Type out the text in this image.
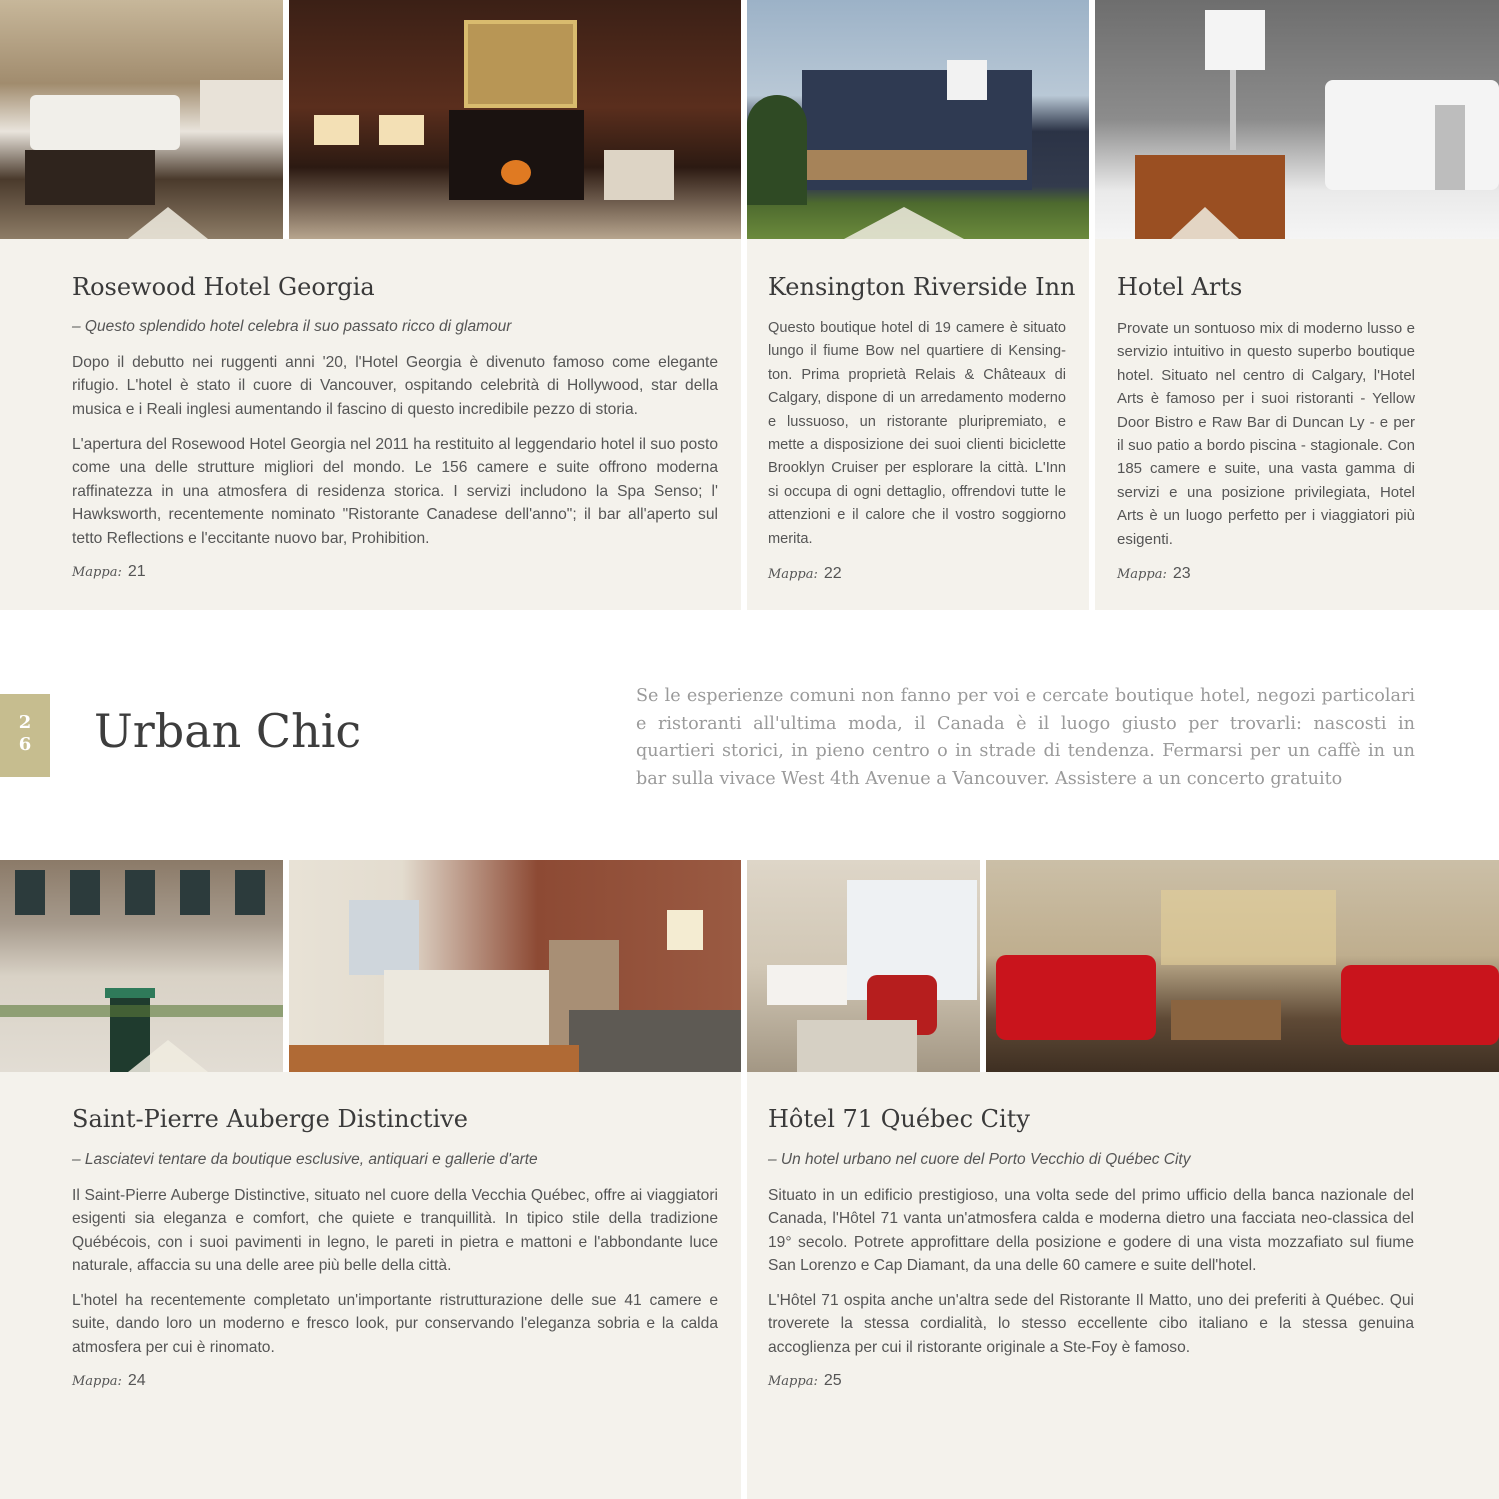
Rosewood Hotel Georgia

– Questo splendido hotel celebra il suo passato ricco di glamour

Dopo il debutto nei ruggenti anni '20, l'Hotel Georgia è divenuto famoso come elegante rifugio. L'hotel è stato il cuore di Vancouver, ospitando celebrità di Hollywood, star della musica e i Reali inglesi aumentando il fascino di questo incredibile pezzo di storia.

L'apertura del Rosewood Hotel Georgia nel 2011 ha restituito al leggendario hotel il suo posto come una delle strutture migliori del mondo. Le 156 camere e suite offrono moderna raffinatezza in una atmosfera di residenza storica. I servizi includono la Spa Senso; l' Hawksworth, recentemente nominato "Ristorante Canadese dell'anno"; il bar all'aperto sul tetto Reflections e l'eccitante nuovo bar, Prohibition.

Mappa: 21

Kensington Riverside Inn

Questo boutique hotel di 19 camere è situato lungo il fiume Bow nel quartiere di Kensing-ton. Prima proprietà Relais & Châteaux di Calgary, dispone di un arredamento moderno e lussuoso, un ristorante pluripremiato, e mette a disposizione dei suoi clienti biciclette Brooklyn Cruiser per esplorare la città. L'Inn si occupa di ogni dettaglio, offrendovi tutte le attenzioni e il calore che il vostro soggiorno merita.

Mappa: 22

Hotel Arts

Provate un sontuoso mix di moderno lusso e servizio intuitivo in questo superbo boutique hotel. Situato nel centro di Calgary, l'Hotel Arts è famoso per i suoi ristoranti - Yellow Door Bistro e Raw Bar di Duncan Ly - e per il suo patio a bordo piscina - stagionale. Con 185 camere e suite, una vasta gamma di servizi e una posizione privilegiata, Hotel Arts è un luogo perfetto per i viaggiatori più esigenti.

Mappa: 23

2
6	Urban Chic

Se le esperienze comuni non fanno per voi e cercate boutique hotel, negozi particolari e ristoranti all'ultima moda, il Canada è il luogo giusto per trovarli: nascosti in quartieri storici, in pieno centro o in strade di tendenza. Fermarsi per un caffè in un bar sulla vivace West 4th Avenue a Vancouver. Assistere a un concerto gratuito

Saint-Pierre Auberge Distinctive

– Lasciatevi tentare da boutique esclusive, antiquari e gallerie d'arte

Il Saint-Pierre Auberge Distinctive, situato nel cuore della Vecchia Québec, offre ai viaggiatori esigenti sia eleganza e comfort, che quiete e tranquillità. In tipico stile della tradizione Québécois, con i suoi pavimenti in legno, le pareti in pietra e mattoni e l'abbondante luce naturale, affaccia su una delle aree più belle della città.

L'hotel ha recentemente completato un'importante ristrutturazione delle sue 41 camere e suite, dando loro un moderno e fresco look, pur conservando l'eleganza sobria e la calda atmosfera per cui è rinomato.

Mappa: 24

Hôtel 71 Québec City

– Un hotel urbano nel cuore del Porto Vecchio di Québec City

Situato in un edificio prestigioso, una volta sede del primo ufficio della banca nazionale del Canada, l'Hôtel 71 vanta un'atmosfera calda e moderna dietro una facciata neo-classica del 19° secolo. Potrete approfittare della posizione e godere di una vista mozzafiato sul fiume San Lorenzo e Cap Diamant, da una delle 60 camere e suite dell'hotel.

L'Hôtel 71 ospita anche un'altra sede del Ristorante Il Matto, uno dei preferiti à Québec. Qui troverete la stessa cordialità, lo stesso eccellente cibo italiano e la stessa genuina accoglienza per cui il ristorante originale a Ste-Foy è famoso.

Mappa: 25
